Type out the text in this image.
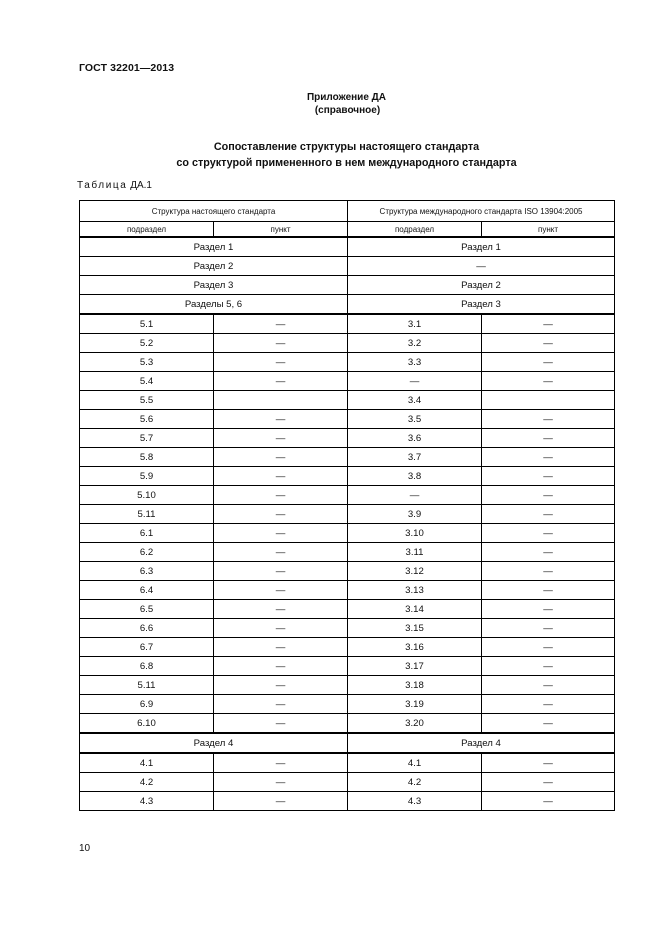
ГОСТ 32201—2013
Приложение ДА
(справочное)
Сопоставление структуры настоящего стандарта
со структурой примененного в нем международного стандарта
Таблица ДА.1
Структура настоящего стандарта		Структура международного стандарта ISO 13904:2005	
подраздел	пункт	подраздел	пункт
Раздел 1		Раздел 1	
Раздел 2		—	
Раздел 3		Раздел 2	
Разделы 5, 6		Раздел 3	
5.1	—	3.1	—
5.2	—	3.2	—
5.3	—	3.3	—
5.4	—	—	—
5.5		3.4	
5.6	—	3.5	—
5.7	—	3.6	—
5.8	—	3.7	—
5.9	—	3.8	—
5.10	—	—	—
5.11	—	3.9	—
6.1	—	3.10	—
6.2	—	3.11	—
6.3	—	3.12	—
6.4	—	3.13	—
6.5	—	3.14	—
6.6	—	3.15	—
6.7	—	3.16	—
6.8	—	3.17	—
5.11	—	3.18	—
6.9	—	3.19	—
6.10	—	3.20	—
Раздел 4		Раздел 4	
4.1	—	4.1	—
4.2	—	4.2	—
4.3	—	4.3	—
10
